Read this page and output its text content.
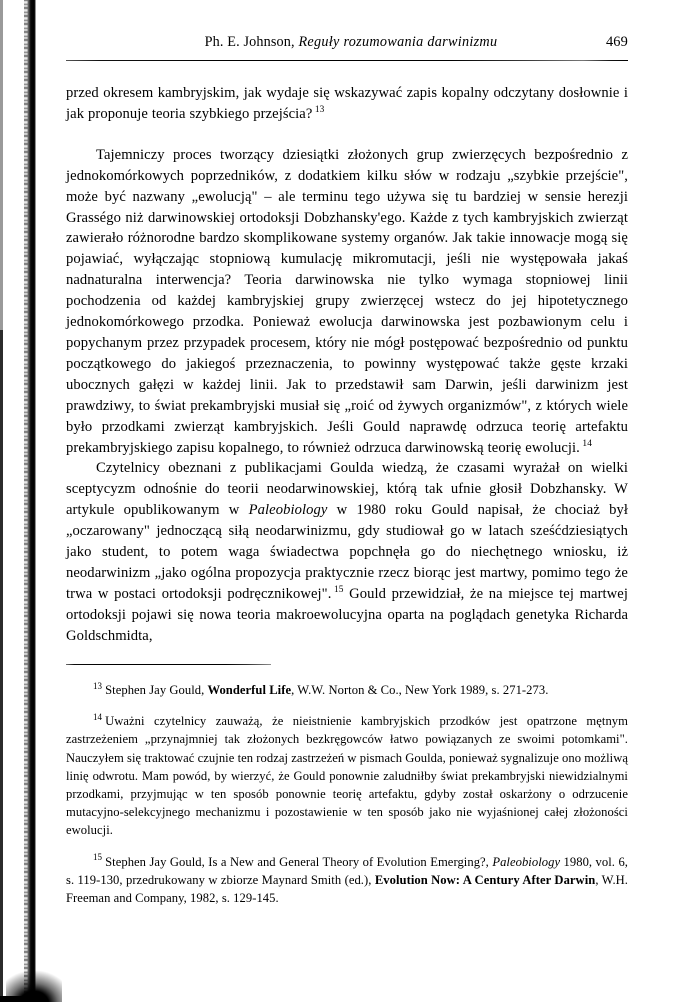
Ph. E. Johnson, Reguły rozumowania darwinizmu	469

przed okresem kambryjskim, jak wydaje się wskazywać zapis kopalny odczytany dosłownie i jak proponuje teoria szybkiego przejścia? $^{13}$

Tajemniczy proces tworzący dziesiątki złożonych grup zwierzęcych bezpośrednio z jednokomórkowych poprzedników, z dodatkiem kilku słów w rodzaju „szybkie przejście", może być nazwany „ewolucją" – ale terminu tego używa się tu bardziej w sensie herezji Grasségo niż darwinowskiej ortodoksji Dobzhansky'ego. Każde z tych kambryjskich zwierząt zawierało różnorodne bardzo skomplikowane systemy organów. Jak takie innowacje mogą się pojawiać, wyłączając stopniową kumulację mikromutacji, jeśli nie występowała jakaś nadnaturalna interwencja? Teoria darwinowska nie tylko wymaga stopniowej linii pochodzenia od każdej kambryjskiej grupy zwierzęcej wstecz do jej hipotetycznego jednokomórkowego przodka. Ponieważ ewolucja darwinowska jest pozbawionym celu i popychanym przez przypadek procesem, który nie mógł postępować bezpośrednio od punktu początkowego do jakiegoś przeznaczenia, to powinny występować także gęste krzaki ubocznych gałęzi w każdej linii. Jak to przedstawił sam Darwin, jeśli darwinizm jest prawdziwy, to świat prekambryjski musiał się „roić od żywych organizmów", z których wiele było przodkami zwierząt kambryjskich. Jeśli Gould naprawdę odrzuca teorię artefaktu prekambryjskiego zapisu kopalnego, to również odrzuca darwinowską teorię ewolucji. $^{14}$

Czytelnicy obeznani z publikacjami Goulda wiedzą, że czasami wyrażał on wielki sceptycyzm odnośnie do teorii neodarwinowskiej, którą tak ufnie głosił Dobzhansky. W artykule opublikowanym w Paleobiology w 1980 roku Gould napisał, że chociaż był „oczarowany" jednoczącą siłą neodarwinizmu, gdy studiował go w latach sześćdziesiątych jako student, to potem waga świadectwa popchnęła go do niechętnego wniosku, iż neodarwinizm „jako ogólna propozycja praktycznie rzecz biorąc jest martwy, pomimo tego że trwa w postaci ortodoksji podręcznikowej". $^{15}$ Gould przewidział, że na miejsce tej martwej ortodoksji pojawi się nowa teoria makroewolucyjna oparta na poglądach genetyka Richarda Goldschmidta,

$^{13}$ Stephen Jay Gould, Wonderful Life, W.W. Norton & Co., New York 1989, s. 271-273.

$^{14}$ Uważni czytelnicy zauważą, że nieistnienie kambryjskich przodków jest opatrzone mętnym zastrzeżeniem „przynajmniej tak złożonych bezkręgowców łatwo powiązanych ze swoimi potomkami". Nauczyłem się traktować czujnie ten rodzaj zastrzeżeń w pismach Goulda, ponieważ sygnalizuje ono możliwą linię odwrotu. Mam powód, by wierzyć, że Gould ponownie zaludniłby świat prekambryjski niewidzialnymi przodkami, przyjmując w ten sposób ponownie teorię artefaktu, gdyby został oskarżony o odrzucenie mutacyjno-selekcyjnego mechanizmu i pozostawienie w ten sposób jako nie wyjaśnionej całej złożoności ewolucji.

$^{15}$ Stephen Jay Gould, Is a New and General Theory of Evolution Emerging?, Paleobiology 1980, vol. 6, s. 119-130, przedrukowany w zbiorze Maynard Smith (ed.), Evolution Now: A Century After Darwin, W.H. Freeman and Company, 1982, s. 129-145.
